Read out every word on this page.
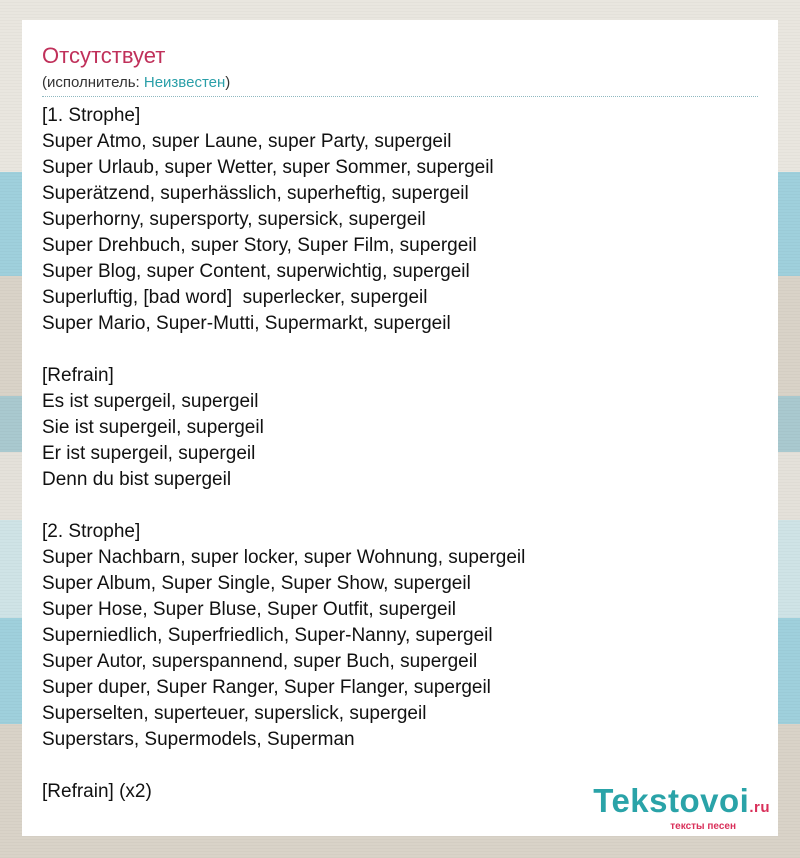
Отсутствует
(исполнитель: Неизвестен)
[1. Strophe]
Super Atmo, super Laune, super Party, supergeil
Super Urlaub, super Wetter, super Sommer, supergeil
Superätzend, superhässlich, superheftig, supergeil
Superhorny, supersporty, supersick, supergeil
Super Drehbuch, super Story, Super Film, supergeil
Super Blog, super Content, superwichtig, supergeil
Superluftig, [bad word]  superlecker, supergeil
Super Mario, Super-Mutti, Supermarkt, supergeil
[Refrain]
Es ist supergeil, supergeil
Sie ist supergeil, supergeil
Er ist supergeil, supergeil
Denn du bist supergeil
[2. Strophe]
Super Nachbarn, super locker, super Wohnung, supergeil
Super Album, Super Single, Super Show, supergeil
Super Hose, Super Bluse, Super Outfit, supergeil
Superniedlich, Superfriedlich, Super-Nanny, supergeil
Super Autor, superspannend, super Buch, supergeil
Super duper, Super Ranger, Super Flanger, supergeil
Superselten, superteuer, superslick, supergeil
Superstars, Supermodels, Superman
[Refrain] (x2)	Tekstovoi.ru
тексты песен
